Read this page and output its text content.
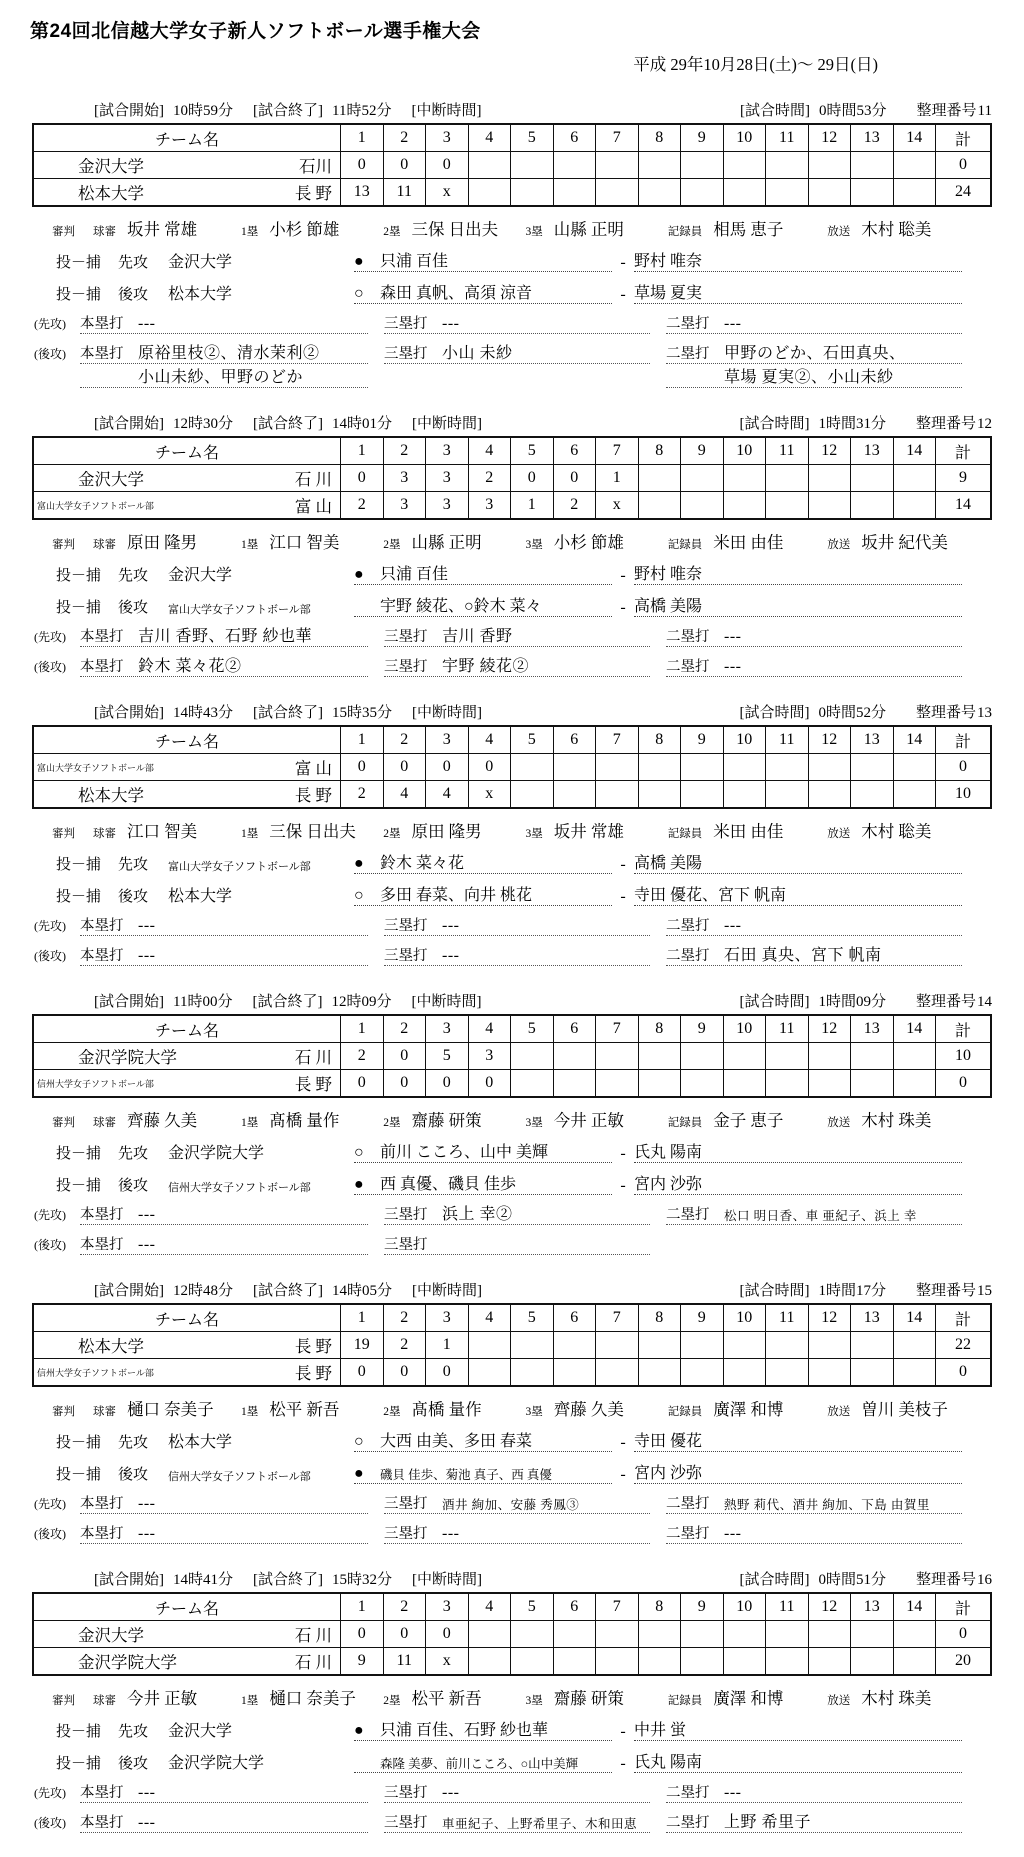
第24回北信越大学女子新人ソフトボール選手権大会
平成 29年10月28日(土)～ 29日(日)
[試合開始] 10時59分 [試合終了] 11時52分 [中断時間]	[試合時間] 0時間53分 整理番号 11
チーム名	1	2	3	4	5	6	7	8	9	10	11	12	13	14	計

金沢大学 石川	0	0	0												0

松本大学 長 野	13	11	x												24
審判 球審 坂井 常雄	1塁 小杉 節雄	2塁 三保 日出夫	3塁 山縣 正明	記録員 相馬 恵子	放送 木村 聡美
投－捕	先攻	金沢大学	●	只浦 百佳	- 野村 唯奈
投－捕	後攻	松本大学	○	森田 真帆、高須 涼音	- 草場 夏実
(先攻) 本塁打 ---	三塁打 ---	二塁打 ---
(後攻) 本塁打 原裕里枝②、清水茉利②
小山未紗、甲野のどか
三塁打 小山 未紗	二塁打 甲野のどか、石田真央、
草場 夏実②、小山未紗
[試合開始] 12時30分 [試合終了] 14時01分 [中断時間]	[試合時間] 1時間31分 整理番号 12
チーム名	1	2	3	4	5	6	7	8	9	10	11	12	13	14	計

金沢大学 石 川	0	3	3	2	0	0	1								9

富山大学女子ソフトボール部 富 山	2	3	3	3	1	2	x								14
審判 球審 原田 隆男	1塁 江口 智美	2塁 山縣 正明	3塁 小杉 節雄	記録員 米田 由佳	放送 坂井 紀代美
投－捕	先攻	金沢大学	●	只浦 百佳	- 野村 唯奈
投－捕	後攻	富山大学女子ソフトボール部	宇野 綾花、○鈴木 菜々	- 高橋 美陽
(先攻) 本塁打 吉川 香野、石野 紗也華	三塁打 吉川 香野	二塁打 ---
(後攻) 本塁打 鈴木 菜々花②	三塁打 宇野 綾花②	二塁打 ---
[試合開始] 14時43分 [試合終了] 15時35分 [中断時間]	[試合時間] 0時間52分 整理番号 13
チーム名	1	2	3	4	5	6	7	8	9	10	11	12	13	14	計

富山大学女子ソフトボール部 富 山	0	0	0	0											0

松本大学 長 野	2	4	4	x											10
審判 球審 江口 智美	1塁 三保 日出夫	2塁 原田 隆男	3塁 坂井 常雄	記録員 米田 由佳	放送 木村 聡美
投－捕	先攻	富山大学女子ソフトボール部	●	鈴木 菜々花	- 高橋 美陽
投－捕	後攻	松本大学	○	多田 春菜、向井 桃花	- 寺田 優花、宮下 帆南
(先攻) 本塁打 ---	三塁打 ---	二塁打 ---
(後攻) 本塁打 ---	三塁打 ---	二塁打 石田 真央、宮下 帆南
[試合開始] 11時00分 [試合終了] 12時09分 [中断時間]	[試合時間] 1時間09分 整理番号 14
チーム名	1	2	3	4	5	6	7	8	9	10	11	12	13	14	計

金沢学院大学 石 川	2	0	5	3											10

信州大学女子ソフトボール部 長 野	0	0	0	0											0
審判 球審 齊藤 久美	1塁 髙橋 量作	2塁 齋藤 研策	3塁 今井 正敏	記録員 金子 恵子	放送 木村 珠美
投－捕	先攻	金沢学院大学	○	前川 こころ、山中 美輝	- 氏丸 陽南
投－捕	後攻	信州大学女子ソフトボール部	●	西 真優、磯貝 佳歩	- 宮内 沙弥
(先攻) 本塁打 ---	三塁打 浜上 幸②	二塁打	松口 明日香、車 亜紀子、浜上 幸
(後攻) 本塁打 ---	三塁打
[試合開始] 12時48分 [試合終了] 14時05分 [中断時間]	[試合時間] 1時間17分 整理番号 15
チーム名	1	2	3	4	5	6	7	8	9	10	11	12	13	14	計

松本大学 長 野	19	2	1												22

信州大学女子ソフトボール部 長 野	0	0	0												0
審判 球審 樋口 奈美子	1塁 松平 新吾	2塁 髙橋 量作	3塁 齊藤 久美	記録員 廣澤 和博	放送 曽川 美枝子
投－捕	先攻	松本大学	○	大西 由美、多田 春菜	- 寺田 優花
投－捕	後攻	信州大学女子ソフトボール部	●	磯貝 佳歩、菊池 真子、西 真優	- 宮内 沙弥
(先攻) 本塁打 ---	三塁打	酒井 絢加、安藤 秀鳳③	二塁打	熱野 莉代、酒井 絢加、下島 由賀里
(後攻) 本塁打 ---	三塁打 ---	二塁打 ---
[試合開始] 14時41分 [試合終了] 15時32分 [中断時間]	[試合時間] 0時間51分 整理番号 16
チーム名	1	2	3	4	5	6	7	8	9	10	11	12	13	14	計

金沢大学 石 川	0	0	0												0

金沢学院大学 石 川	9	11	x												20
審判 球審 今井 正敏	1塁 樋口 奈美子	2塁 松平 新吾	3塁 齋藤 研策	記録員 廣澤 和博	放送 木村 珠美
投－捕	先攻	金沢大学	●	只浦 百佳、石野 紗也華	- 中井 蛍
投－捕	後攻	金沢学院大学	森隆 美夢、前川こころ、○山中美輝	- 氏丸 陽南
(先攻) 本塁打 ---	三塁打 ---	二塁打 ---
(後攻) 本塁打 ---	三塁打	車亜紀子、上野希里子、木和田恵	二塁打 上野 希里子
